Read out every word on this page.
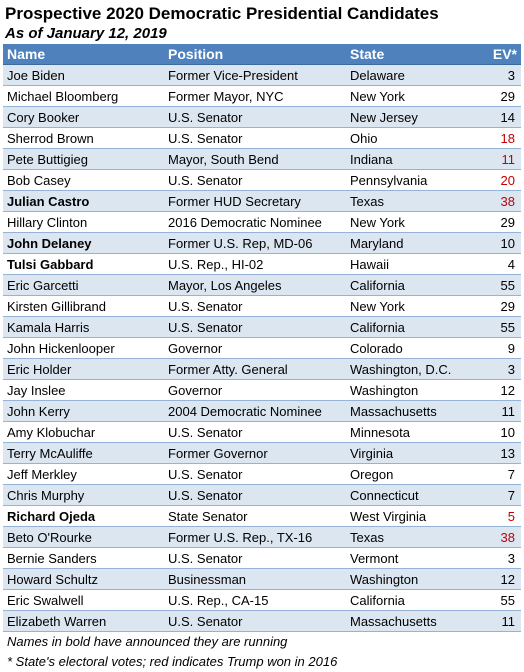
Prospective 2020 Democratic Presidential Candidates
As of January 12, 2019
Name	Position	State	EV*
Joe Biden	Former Vice-President	Delaware	3
Michael Bloomberg	Former Mayor, NYC	New York	29
Cory Booker	U.S. Senator	New Jersey	14
Sherrod Brown	U.S. Senator	Ohio	18
Pete Buttigieg	Mayor, South Bend	Indiana	11
Bob Casey	U.S. Senator	Pennsylvania	20
Julian Castro	Former HUD Secretary	Texas	38
Hillary Clinton	2016 Democratic Nominee	New York	29
John Delaney	Former U.S. Rep, MD-06	Maryland	10
Tulsi Gabbard	U.S. Rep., HI-02	Hawaii	4
Eric Garcetti	Mayor, Los Angeles	California	55
Kirsten Gillibrand	U.S. Senator	New York	29
Kamala Harris	U.S. Senator	California	55
John Hickenlooper	Governor	Colorado	9
Eric Holder	Former Atty. General	Washington, D.C.	3
Jay Inslee	Governor	Washington	12
John Kerry	2004 Democratic Nominee	Massachusetts	11
Amy Klobuchar	U.S. Senator	Minnesota	10
Terry McAuliffe	Former Governor	Virginia	13
Jeff Merkley	U.S. Senator	Oregon	7
Chris Murphy	U.S. Senator	Connecticut	7
Richard Ojeda	State Senator	West Virginia	5
Beto O'Rourke	Former U.S. Rep., TX-16	Texas	38
Bernie Sanders	U.S. Senator	Vermont	3
Howard Schultz	Businessman	Washington	12
Eric Swalwell	U.S. Rep., CA-15	California	55
Elizabeth Warren	U.S. Senator	Massachusetts	11
Names in bold have announced they are running
* State's electoral votes; red indicates Trump won in 2016
